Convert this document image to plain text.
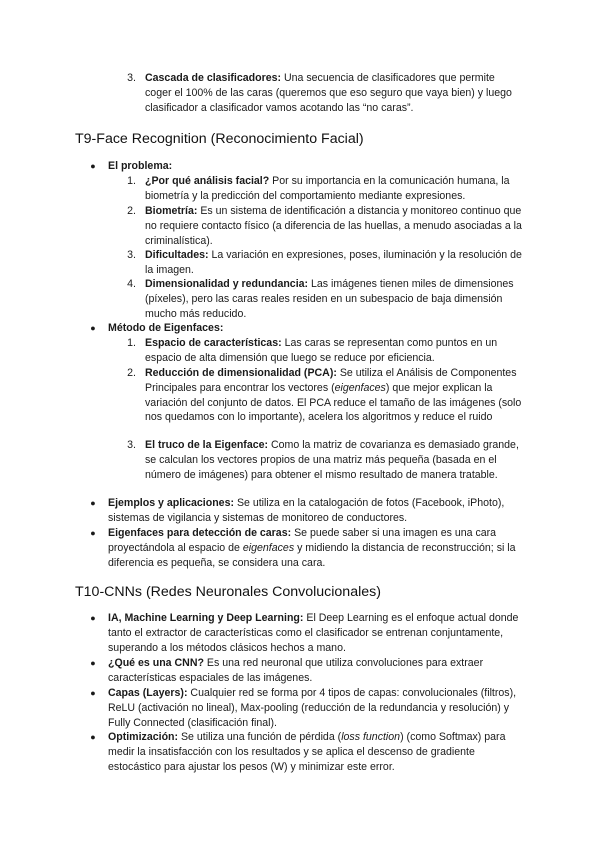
3. Cascada de clasificadores: Una secuencia de clasificadores que permite coger el 100% de las caras (queremos que eso seguro que vaya bien) y luego clasificador a clasificador vamos acotando las “no caras”.
T9-Face Recognition (Reconocimiento Facial)
● El problema:
1. ¿Por qué análisis facial? Por su importancia en la comunicación humana, la biometría y la predicción del comportamiento mediante expresiones.
2. Biometría: Es un sistema de identificación a distancia y monitoreo continuo que no requiere contacto físico (a diferencia de las huellas, a menudo asociadas a la criminalística).
3. Dificultades: La variación en expresiones, poses, iluminación y la resolución de la imagen.
4. Dimensionalidad y redundancia: Las imágenes tienen miles de dimensiones (píxeles), pero las caras reales residen en un subespacio de baja dimensión mucho más reducido.
● Método de Eigenfaces:
1. Espacio de características: Las caras se representan como puntos en un espacio de alta dimensión que luego se reduce por eficiencia.
2. Reducción de dimensionalidad (PCA): Se utiliza el Análisis de Componentes Principales para encontrar los vectores (eigenfaces) que mejor explican la variación del conjunto de datos. El PCA reduce el tamaño de las imágenes (solo nos quedamos con lo importante), acelera los algoritmos y reduce el ruido
3. El truco de la Eigenface: Como la matriz de covarianza es demasiado grande, se calculan los vectores propios de una matriz más pequeña (basada en el número de imágenes) para obtener el mismo resultado de manera tratable.
● Ejemplos y aplicaciones: Se utiliza en la catalogación de fotos (Facebook, iPhoto), sistemas de vigilancia y sistemas de monitoreo de conductores.
● Eigenfaces para detección de caras: Se puede saber si una imagen es una cara proyectándola al espacio de eigenfaces y midiendo la distancia de reconstrucción; si la diferencia es pequeña, se considera una cara.
T10-CNNs (Redes Neuronales Convolucionales)
● IA, Machine Learning y Deep Learning: El Deep Learning es el enfoque actual donde tanto el extractor de características como el clasificador se entrenan conjuntamente, superando a los métodos clásicos hechos a mano.
● ¿Qué es una CNN? Es una red neuronal que utiliza convoluciones para extraer características espaciales de las imágenes.
● Capas (Layers): Cualquier red se forma por 4 tipos de capas: convolucionales (filtros), ReLU (activación no lineal), Max-pooling (reducción de la redundancia y resolución) y Fully Connected (clasificación final).
● Optimización: Se utiliza una función de pérdida (loss function) (como Softmax) para medir la insatisfacción con los resultados y se aplica el descenso de gradiente estocástico para ajustar los pesos (W) y minimizar este error.
